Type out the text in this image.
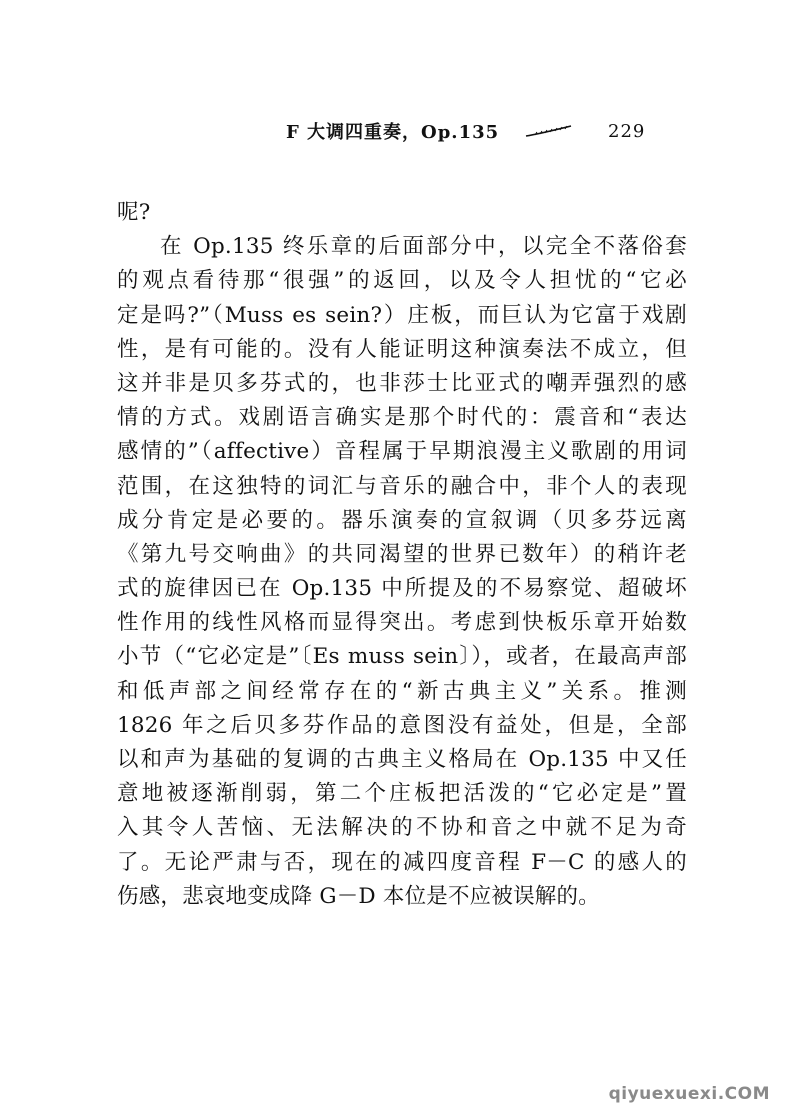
F 大调四重奏，Op.135	229
呢?
在 Op.135 终乐章的后面部分中，以完全不落俗套
的观点看待那“很强”的返回，以及令人担忧的“它必
定是吗?”（Muss es sein?）庄板，而巨认为它富于戏剧
性，是有可能的。没有人能证明这种演奏法不成立，但
这并非是贝多芬式的，也非莎士比亚式的嘲弄强烈的感
情的方式。戏剧语言确实是那个时代的：震音和“表达
感情的”（affective）音程属于早期浪漫主义歌剧的用词
范围，在这独特的词汇与音乐的融合中，非个人的表现
成分肯定是必要的。器乐演奏的宣叙调（贝多芬远离
《第九号交响曲》的共同渴望的世界已数年）的稍许老
式的旋律因已在 Op.135 中所提及的不易察觉、超破坏
性作用的线性风格而显得突出。考虑到快板乐章开始数
小节（“它必定是”〔Es muss sein〕），或者，在最高声部
和低声部之间经常存在的“新古典主义”关系。推测
1826 年之后贝多芬作品的意图没有益处，但是，全部
以和声为基础的复调的古典主义格局在 Op.135 中又任
意地被逐渐削弱，第二个庄板把活泼的“它必定是”置
入其令人苦恼、无法解决的不协和音之中就不足为奇
了。无论严肃与否，现在的减四度音程 F－C 的感人的
伤感，悲哀地变成降 G－D 本位是不应被误解的。
qiyuexuexi.COM
